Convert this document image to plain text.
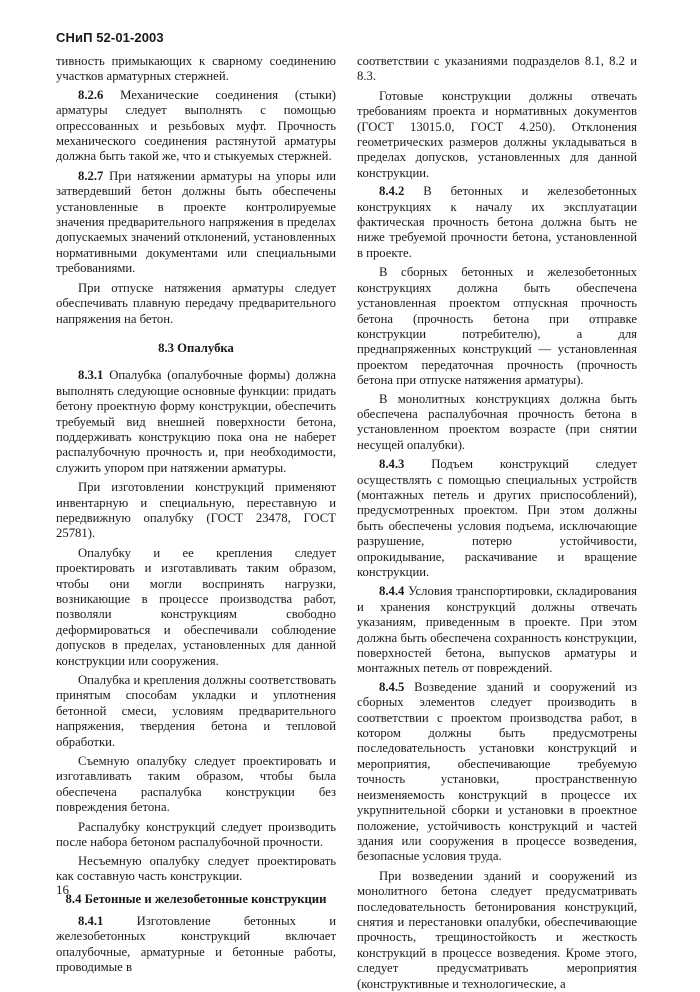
СНиП 52-01-2003

тивность примыкающих к сварному соединению участков арматурных стержней.

8.2.6 Механические соединения (стыки) арматуры следует выполнять с помощью опрессованных и резьбовых муфт. Прочность механического соединения растянутой арматуры должна быть такой же, что и стыкуемых стержней.

8.2.7 При натяжении арматуры на упоры или затвердевший бетон должны быть обеспечены установленные в проекте контролируемые значения предварительного напряжения в пределах допускаемых значений отклонений, установленных нормативными документами или специальными требованиями.

При отпуске натяжения арматуры следует обеспечивать плавную передачу предварительного напряжения на бетон.

8.3 Опалубка

8.3.1 Опалубка (опалубочные формы) должна выполнять следующие основные функции: придать бетону проектную форму конструкции, обеспечить требуемый вид внешней поверхности бетона, поддерживать конструкцию пока она не наберет распалубочную прочность и, при необходимости, служить упором при натяжении арматуры.

При изготовлении конструкций применяют инвентарную и специальную, переставную и передвижную опалубку (ГОСТ 23478, ГОСТ 25781).

Опалубку и ее крепления следует проектировать и изготавливать таким образом, чтобы они могли воспринять нагрузки, возникающие в процессе производства работ, позволяли конструкциям свободно деформироваться и обеспечивали соблюдение допусков в пределах, установленных для данной конструкции или сооружения.

Опалубка и крепления должны соответствовать принятым способам укладки и уплотнения бетонной смеси, условиям предварительного напряжения, твердения бетона и тепловой обработки.

Съемную опалубку следует проектировать и изготавливать таким образом, чтобы была обеспечена распалубка конструкции без повреждения бетона.

Распалубку конструкций следует производить после набора бетоном распалубочной прочности.

Несъемную опалубку следует проектировать как составную часть конструкции.

8.4 Бетонные и железобетонные конструкции

8.4.1 Изготовление бетонных и железобетонных конструкций включает опалубочные, арматурные и бетонные работы, проводимые в

соответствии с указаниями подразделов 8.1, 8.2 и 8.3.

Готовые конструкции должны отвечать требованиям проекта и нормативных документов (ГОСТ 13015.0, ГОСТ 4.250). Отклонения геометрических размеров должны укладываться в пределах допусков, установленных для данной конструкции.

8.4.2 В бетонных и железобетонных конструкциях к началу их эксплуатации фактическая прочность бетона должна быть не ниже требуемой прочности бетона, установленной в проекте.

В сборных бетонных и железобетонных конструкциях должна быть обеспечена установленная проектом отпускная прочность бетона (прочность бетона при отправке конструкции потребителю), а для преднапряженных конструкций — установленная проектом передаточная прочность (прочность бетона при отпуске натяжения арматуры).

В монолитных конструкциях должна быть обеспечена распалубочная прочность бетона в установленном проектом возрасте (при снятии несущей опалубки).

8.4.3 Подъем конструкций следует осуществлять с помощью специальных устройств (монтажных петель и других приспособлений), предусмотренных проектом. При этом должны быть обеспечены условия подъема, исключающие разрушение, потерю устойчивости, опрокидывание, раскачивание и вращение конструкции.

8.4.4 Условия транспортировки, складирования и хранения конструкций должны отвечать указаниям, приведенным в проекте. При этом должна быть обеспечена сохранность конструкции, поверхностей бетона, выпусков арматуры и монтажных петель от повреждений.

8.4.5 Возведение зданий и сооружений из сборных элементов следует производить в соответствии с проектом производства работ, в котором должны быть предусмотрены последовательность установки конструкций и мероприятия, обеспечивающие требуемую точность установки, пространственную неизменяемость конструкций в процессе их укрупнительной сборки и установки в проектное положение, устойчивость конструкций и частей здания или сооружения в процессе возведения, безопасные условия труда.

При возведении зданий и сооружений из монолитного бетона следует предусматривать последовательность бетонирования конструкций, снятия и перестановки опалубки, обеспечивающие прочность, трещиностойкость и жесткость конструкций в процессе возведения. Кроме этого, следует предусматривать мероприятия (конструктивные и технологические, а

16
